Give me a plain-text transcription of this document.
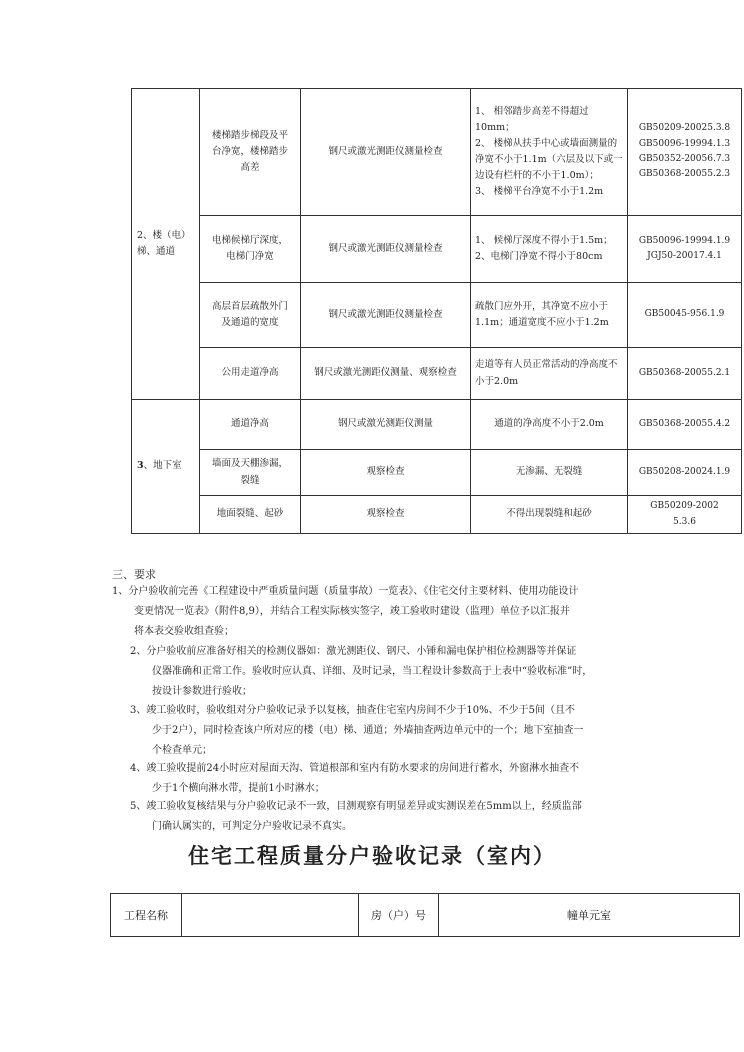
2、楼（电）梯、通道	楼梯踏步梯段及平台净宽，楼梯踏步高差	钢尺或激光测距仪测量检查	1、 相邻踏步高差不得超过10mm；
2、 楼梯从扶手中心或墙面测量的净宽不小于1.1m（六层及以下或一边设有栏杆的不小于1.0m）；
3、 楼梯平台净宽不小于1.2m	GB50209-20025.3.8
GB50096-19994.1.3
GB50352-20056.7.3
GB50368-20055.2.3

	电梯候梯厅深度，电梯门净宽	钢尺或激光测距仪测量检查	1、 候梯厅深度不得小于1.5m；
2、电梯门净宽不得小于80cm	GB50096-19994.1.9
JGJ50-20017.4.1

	高层首层疏散外门及通道的宽度	钢尺或激光测距仪测量检查	疏散门应外开，其净宽不应小于1.1m；通道宽度不应小于1.2m	GB50045-956.1.9

	公用走道净高	钢尺或激光测距仪测量、观察检查	走道等有人员正常活动的净高度不小于2.0m	GB50368-20055.2.1

3、地下室	通道净高	钢尺或激光测距仪测量	通道的净高度不小于2.0m	GB50368-20055.4.2

	墙面及天棚渗漏，裂缝	观察检查	无渗漏、无裂缝	GB50208-20024.1.9

	地面裂缝、起砂	观察检查	不得出现裂缝和起砂	GB50209-2002
5.3.6
三、要求
1、分户验收前完善《工程建设中严重质量问题（质量事故）一览表》、《住宅交付主要材料、使用功能设计
变更情况一览表》（附件8,9），并结合工程实际核实签字，竣工验收时建设（监理）单位予以汇报并
将本表交验收组查验；
2、分户验收前应准备好相关的检测仪器如：激光测距仪、钢尺、小锤和漏电保护相位检测器等并保证
仪器准确和正常工作。验收时应认真、详细、及时记录，当工程设计参数高于上表中“验收标准”时，
按设计参数进行验收；
3、竣工验收时，验收组对分户验收记录予以复核，抽查住宅室内房间不少于10%、不少于5间（且不
少于2户），同时检查该户所对应的楼（电）梯、通道；外墙抽查两边单元中的一个；地下室抽查一
个检查单元；
4、竣工验收提前24小时应对屋面天沟、管道根部和室内有防水要求的房间进行蓄水，外窗淋水抽查不
少于1个横向淋水带，提前1小时淋水；
5、竣工验收复核结果与分户验收记录不一致，目测观察有明显差异或实测误差在5mm以上，经质监部
门确认属实的，可判定分户验收记录不真实。
住宅工程质量分户验收记录（室内）
工程名称		房（户）号	幢单元室
